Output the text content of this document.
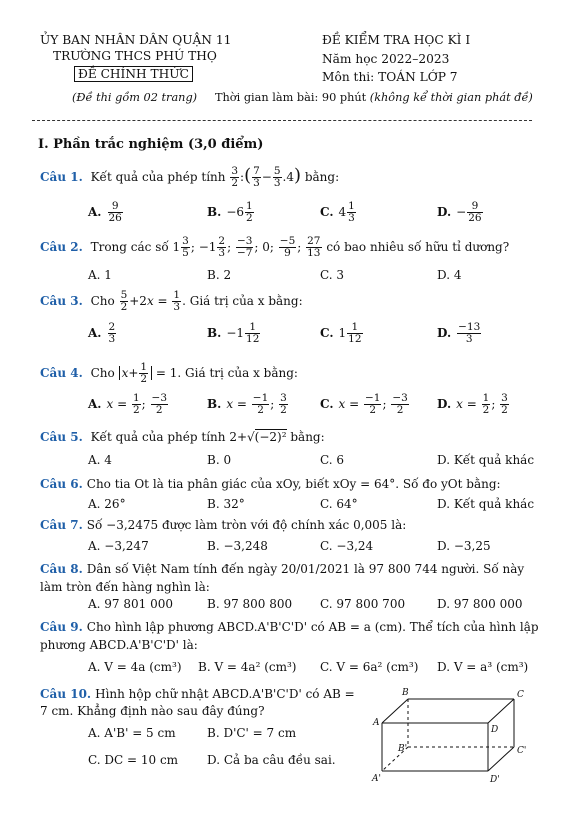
ỦY BAN NHÂN DÂN QUẬN 11
TRƯỜNG THCS PHÚ THỌ
ĐỀ CHÍNH THỨC
(Đề thi gồm 02 trang)
ĐỀ KIỂM TRA HỌC KÌ I
Năm học 2022–2023
Môn thi: TOÁN LỚP 7
Thời gian làm bài: 90 phút (không kể thời gian phát đề)
I. Phần trắc nghiệm (3,0 điểm)
Câu 1. Kết quả của phép tính $\frac{3}{2}$ :( $\frac{7}{3} - \frac{5}{3} .4$) bằng:
A. $\frac{9}{26}$	B. $-6 \frac{1}{2}$	C. $4 \frac{1}{3}$	D. − $\frac{9}{26}$
Câu 2. Trong các số $1 \frac{3}{5}$ ; $-1 \frac{2}{3}$ ; $\frac{-3}{-7}$ ; 0; $\frac{-5}{9}$ ; $\frac{27}{13}$ có bao nhiêu số hữu tỉ dương?
A. 1	B. 2	C. 3	D. 4
Câu 3. Cho $\frac{5}{2} +2x = \frac{1}{3}$ . Giá trị của x bằng:
A. $\frac{2}{3}$	B. $-1 \frac{1}{12}$	C. $1 \frac{1}{12}$	D. $\frac{-13}{3}$
Câu 4. Cho $x+ \frac{1}{2} = 1$. Giá trị của x bằng:
A. $x = \frac{1}{2}$ ; $\frac{-3}{2}$	B. $x = \frac{-1}{2}$ ; $\frac{3}{2}$	C. $x = \frac{-1}{2}$ ; $\frac{-3}{2} D$. $x = \frac{1}{2}$ ; $\frac{3}{2}$
Câu 5. Kết quả của phép tính 2+√(−2)² bằng:
A. 4	B. 0	C. 6	D. Kết quả khác
Câu 6. Cho tia Ot là tia phân giác của xOy, biết xOy = 64°. Số đo yOt bằng:
A. 26°	B. 32°	C. 64°	D. Kết quả khác
Câu 7. Số −3,2475 được làm tròn với độ chính xác 0,005 là:
A. −3,247	B. −3,248	C. −3,24	D. −3,25
Câu 8. Dân số Việt Nam tính đến ngày 20/01/2021 là 97 800 744 người. Số này làm tròn đến hàng nghìn là:
A. 97 801 000	B. 97 800 800 C. 97 800 700	D. 97 800 000
Câu 9. Cho hình lập phương ABCD.A'B'C'D' có AB = a (cm). Thể tích của hình lập phương ABCD.A'B'C'D' là:
A. V = 4a (cm³) B. V = 4a² (cm³) C. V = 6a² (cm³) D. V = a³ (cm³)
Câu 10. Hình hộp chữ nhật ABCD.A'B'C'D' có AB = 7 cm. Khẳng định nào sau đây đúng?
A. A'B' = 5 cm	B. D'C' = 7 cm
C. DC = 10 cm D. Cả ba câu đều sai.
B	C
A
D
B'	C'
A'	D'
